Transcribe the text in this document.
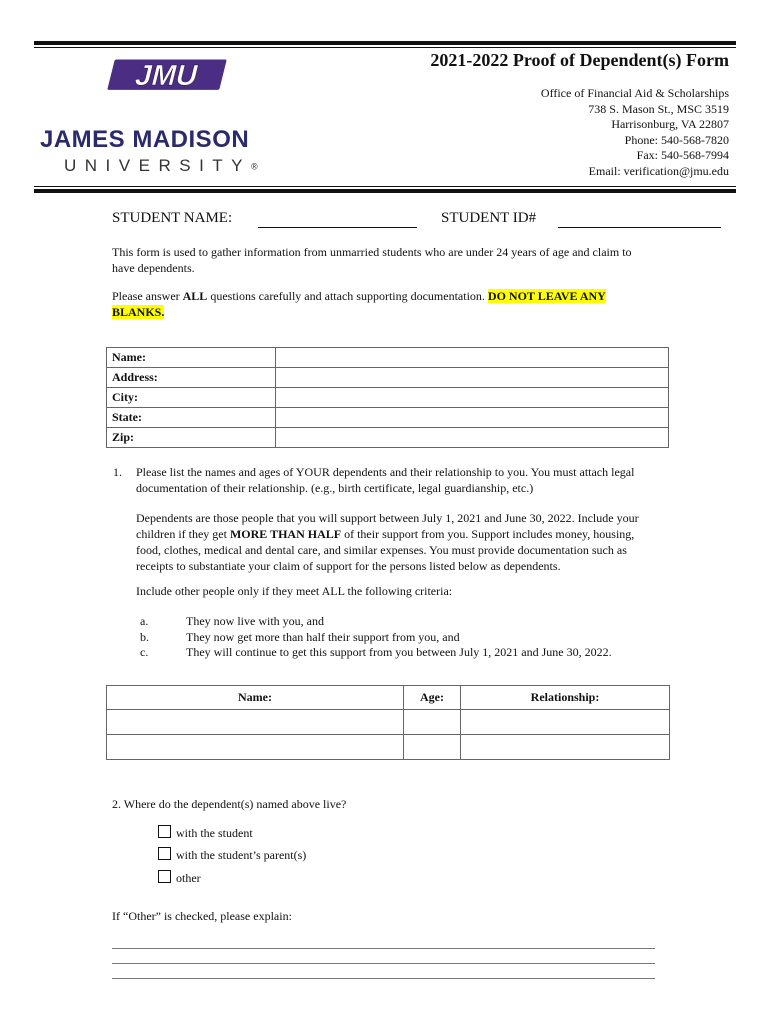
JMU
JAMES MADISON
UNIVERSITY®
2021-2022 Proof of Dependent(s) Form
Office of Financial Aid & Scholarships
738 S. Mason St., MSC 3519
Harrisonburg, VA 22807
Phone: 540-568-7820
Fax: 540-568-7994
Email: verification@jmu.edu
STUDENT NAME:	STUDENT ID#
This form is used to gather information from unmarried students who are under 24 years of age and claim to have dependents.
Please answer ALL questions carefully and attach supporting documentation. DO NOT LEAVE ANY BLANKS.
Name:	
Address:	
City:	
State:	
Zip:	
1. Please list the names and ages of YOUR dependents and their relationship to you. You must attach legal documentation of their relationship. (e.g., birth certificate, legal guardianship, etc.)
Dependents are those people that you will support between July 1, 2021 and June 30, 2022. Include your children if they get MORE THAN HALF of their support from you. Support includes money, housing, food, clothes, medical and dental care, and similar expenses. You must provide documentation such as receipts to substantiate your claim of support for the persons listed below as dependents.
Include other people only if they meet ALL the following criteria:
a.	They now live with you, and
b.	They now get more than half their support from you, and
c.	They will continue to get this support from you between July 1, 2021 and June 30, 2022.
Name:	Age:	Relationship:

2. Where do the dependent(s) named above live?
with the student
with the student’s parent(s)
other
If “Other” is checked, please explain:
